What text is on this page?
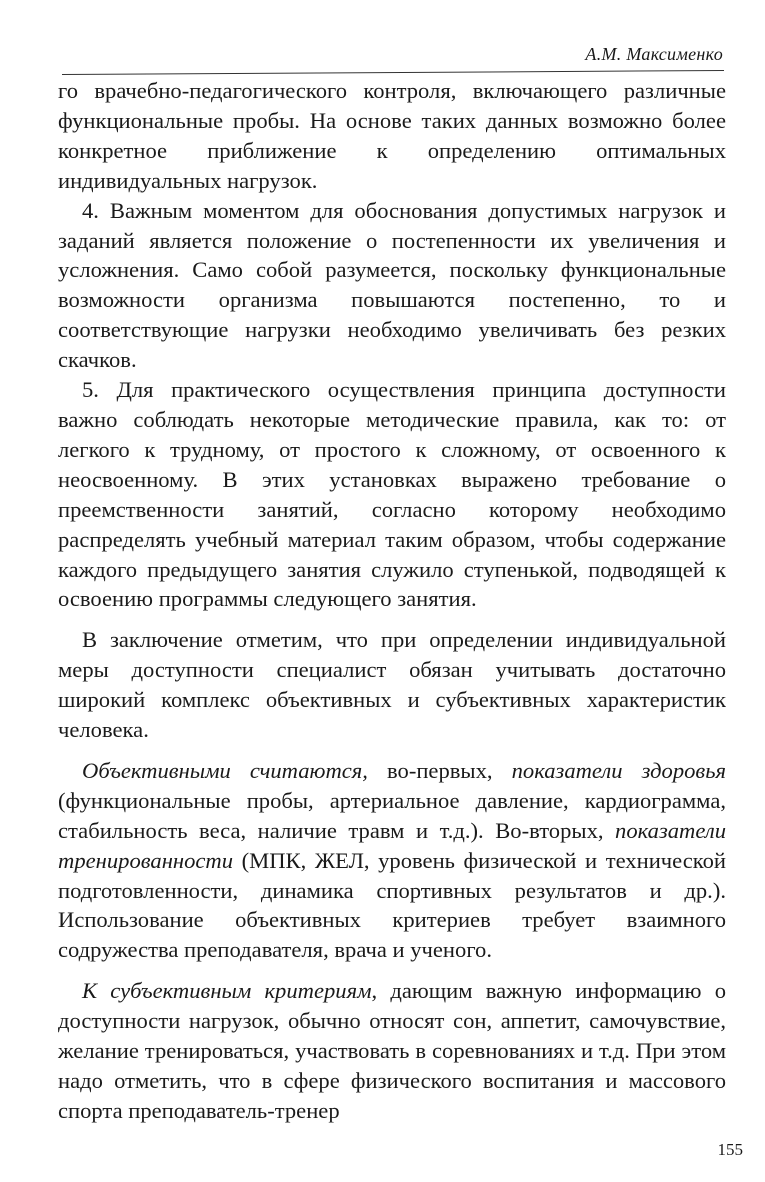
А.М. Максименко

го врачебно-педагогического контроля, включающего различные функциональные пробы. На основе таких данных возможно более конкретное приближение к определению оптимальных индивидуальных нагрузок.

4. Важным моментом для обоснования допустимых нагрузок и заданий является положение о постепенности их увеличения и усложнения. Само собой разумеется, поскольку функциональные возможности организма повышаются постепенно, то и соответствующие нагрузки необходимо увеличивать без резких скачков.

5. Для практического осуществления принципа доступности важно соблюдать некоторые методические правила, как то: от легкого к трудному, от простого к сложному, от освоенного к неосвоенному. В этих установках выражено требование о преемственности занятий, согласно которому необходимо распределять учебный материал таким образом, чтобы содержание каждого предыдущего занятия служило ступенькой, подводящей к освоению программы следующего занятия.

В заключение отметим, что при определении индивидуальной меры доступности специалист обязан учитывать достаточно широкий комплекс объективных и субъективных характеристик человека.

Объективными считаются, во-первых, показатели здоровья (функциональные пробы, артериальное давление, кардиограмма, стабильность веса, наличие травм и т.д.). Во-вторых, показатели тренированности (МПК, ЖЕЛ, уровень физической и технической подготовленности, динамика спортивных результатов и др.). Использование объективных критериев требует взаимного содружества преподавателя, врача и ученого.

К субъективным критериям, дающим важную информацию о доступности нагрузок, обычно относят сон, аппетит, самочувствие, желание тренироваться, участвовать в соревнованиях и т.д. При этом надо отметить, что в сфере физического воспитания и массового спорта преподаватель-тренер

155
